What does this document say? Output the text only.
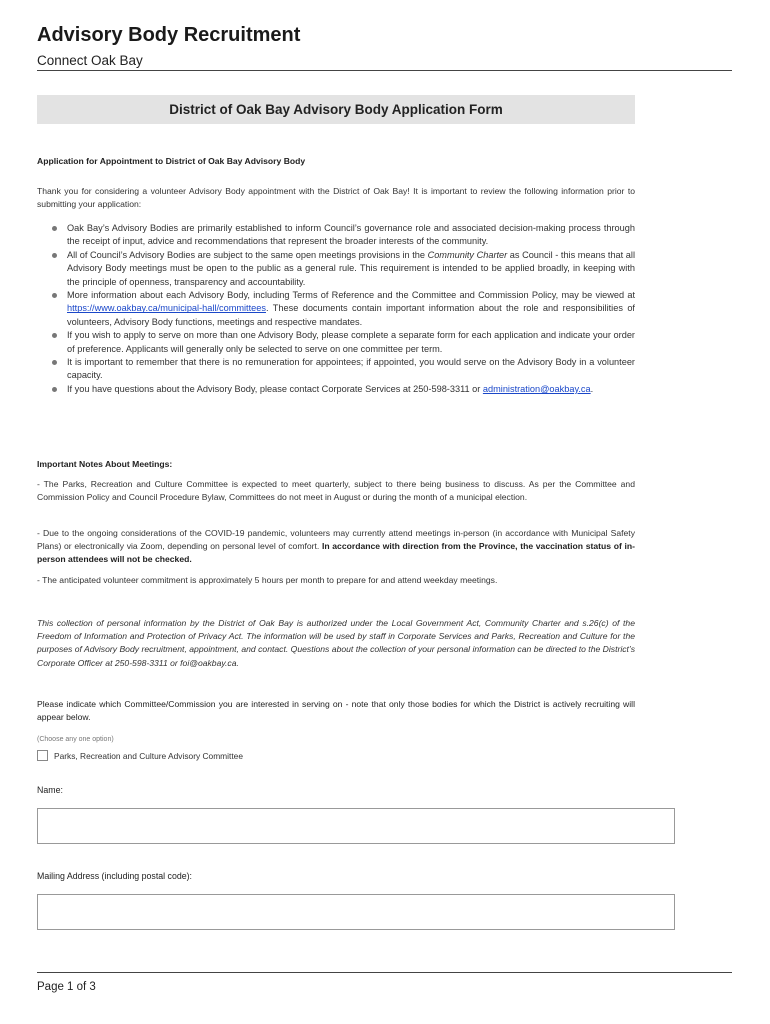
Advisory Body Recruitment
Connect Oak Bay
District of Oak Bay Advisory Body Application Form
Application for Appointment to District of Oak Bay Advisory Body
Thank you for considering a volunteer Advisory Body appointment with the District of Oak Bay! It is important to review the following information prior to submitting your application:
Oak Bay’s Advisory Bodies are primarily established to inform Council’s governance role and associated decision-making process through the receipt of input, advice and recommendations that represent the broader interests of the community.
All of Council’s Advisory Bodies are subject to the same open meetings provisions in the Community Charter as Council - this means that all Advisory Body meetings must be open to the public as a general rule. This requirement is intended to be applied broadly, in keeping with the principle of openness, transparency and accountability.
More information about each Advisory Body, including Terms of Reference and the Committee and Commission Policy, may be viewed at https://www.oakbay.ca/municipal-hall/committees. These documents contain important information about the role and responsibilities of volunteers, Advisory Body functions, meetings and respective mandates.
If you wish to apply to serve on more than one Advisory Body, please complete a separate form for each application and indicate your order of preference. Applicants will generally only be selected to serve on one committee per term.
It is important to remember that there is no remuneration for appointees; if appointed, you would serve on the Advisory Body in a volunteer capacity.
If you have questions about the Advisory Body, please contact Corporate Services at 250-598-3311 or administration@oakbay.ca.
Important Notes About Meetings:
- The Parks, Recreation and Culture Committee is expected to meet quarterly, subject to there being business to discuss. As per the Committee and Commission Policy and Council Procedure Bylaw, Committees do not meet in August or during the month of a municipal election.
- Due to the ongoing considerations of the COVID-19 pandemic, volunteers may currently attend meetings in-person (in accordance with Municipal Safety Plans) or electronically via Zoom, depending on personal level of comfort. In accordance with direction from the Province, the vaccination status of in-person attendees will not be checked.
- The anticipated volunteer commitment is approximately 5 hours per month to prepare for and attend weekday meetings.
This collection of personal information by the District of Oak Bay is authorized under the Local Government Act, Community Charter and s.26(c) of the Freedom of Information and Protection of Privacy Act. The information will be used by staff in Corporate Services and Parks, Recreation and Culture for the purposes of Advisory Body recruitment, appointment, and contact. Questions about the collection of your personal information can be directed to the District’s Corporate Officer at 250-598-3311 or foi@oakbay.ca.
Please indicate which Committee/Commission you are interested in serving on - note that only those bodies for which the District is actively recruiting will appear below.
(Choose any one option)
Parks, Recreation and Culture Advisory Committee
Name:
Mailing Address (including postal code):
Page 1 of 3
